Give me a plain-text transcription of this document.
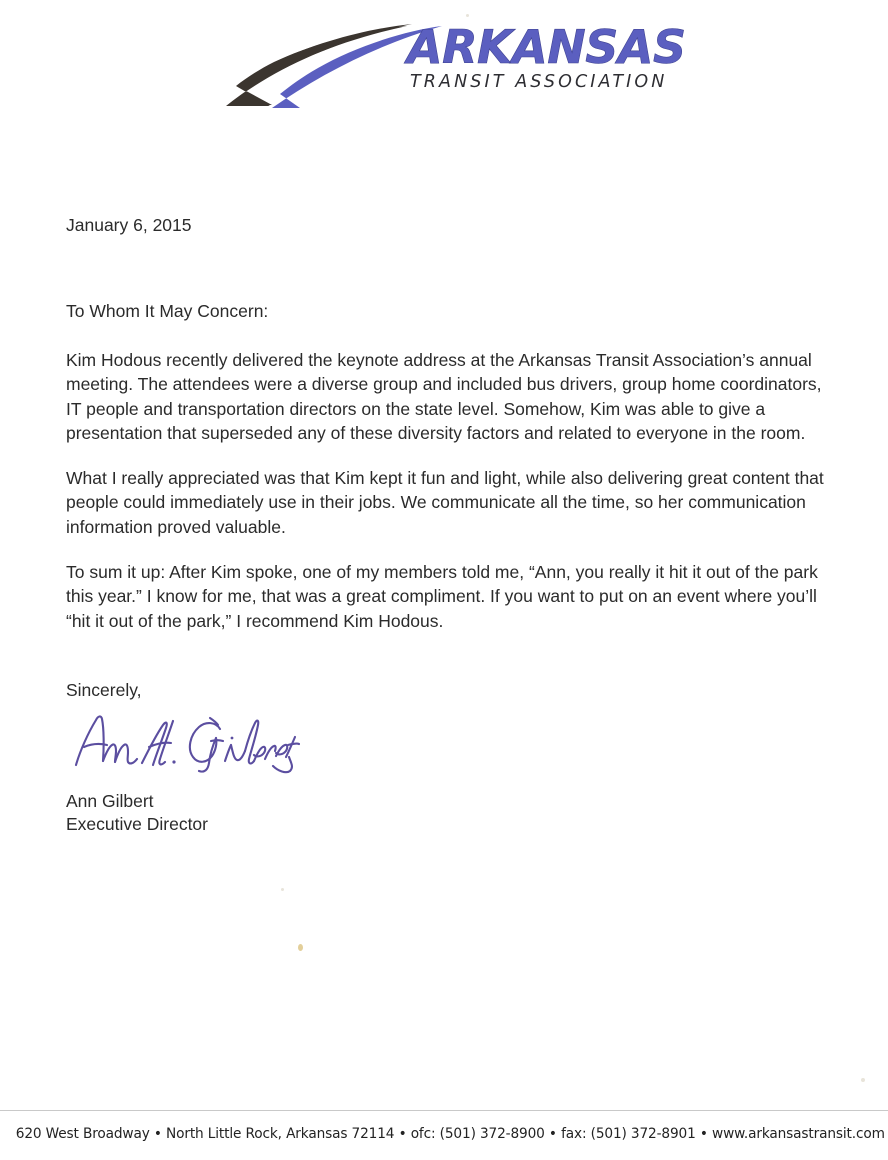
ARKANSAS
TRANSIT ASSOCIATION

January 6, 2015

To Whom It May Concern:

Kim Hodous recently delivered the keynote address at the Arkansas Transit Association’s annual meeting. The attendees were a diverse group and included bus drivers, group home coordinators, IT people and transportation directors on the state level. Somehow, Kim was able to give a presentation that superseded any of these diversity factors and related to everyone in the room.

What I really appreciated was that Kim kept it fun and light, while also delivering great content that people could immediately use in their jobs. We communicate all the time, so her communication information proved valuable.

To sum it up: After Kim spoke, one of my members told me, “Ann, you really it hit it out of the park this year.” I know for me, that was a great compliment. If you want to put on an event where you’ll “hit it out of the park,” I recommend Kim Hodous.

Sincerely,

Ann Gilbert

Executive Director

620 West Broadway • North Little Rock, Arkansas 72114 • ofc: (501) 372-8900 • fax: (501) 372-8901 • www.arkansastransit.com
